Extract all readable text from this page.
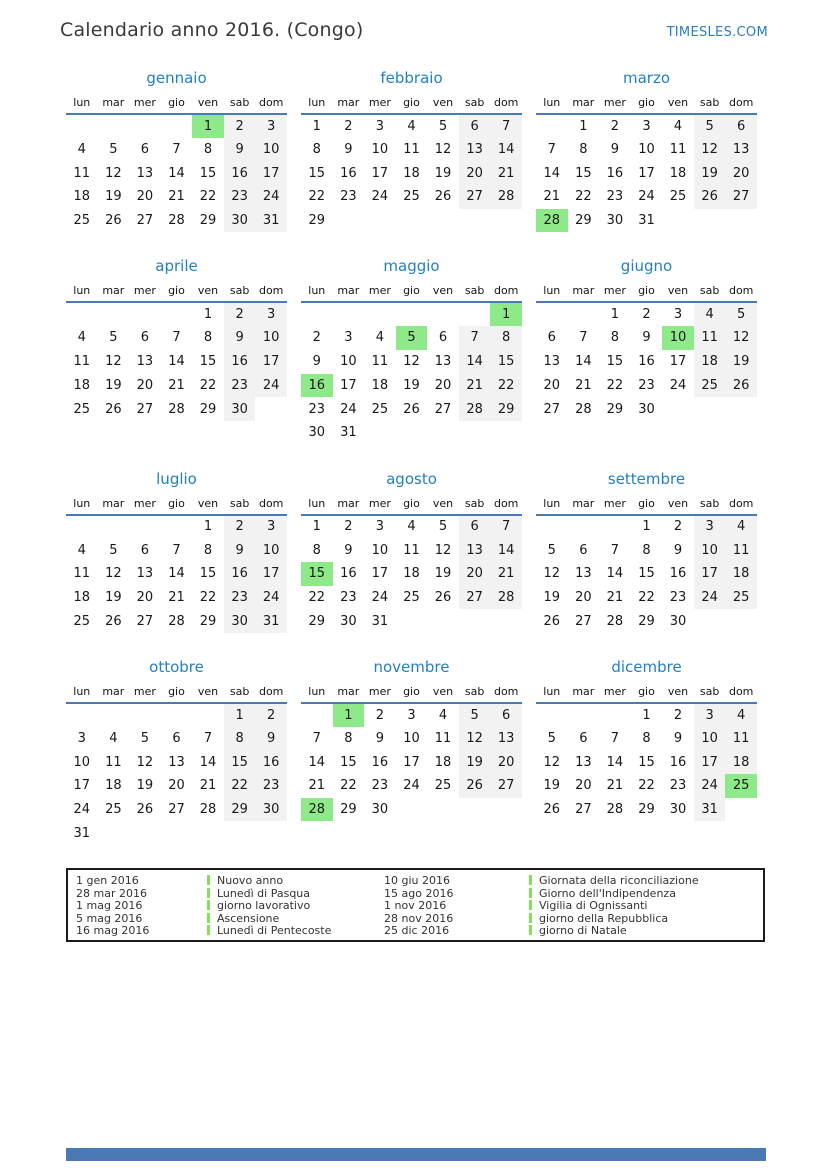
Calendario anno 2016. (Congo)	TIMESLES.COM
gennaio
lun	mar	mer	gio	ven	sab	dom
				1	2	3
4	5	6	7	8	9	10
11	12	13	14	15	16	17
18	19	20	21	22	23	24
25	26	27	28	29	30	31
febbraio
lun	mar	mer	gio	ven	sab	dom
1	2	3	4	5	6	7
8	9	10	11	12	13	14
15	16	17	18	19	20	21
22	23	24	25	26	27	28
29						
marzo
lun	mar	mer	gio	ven	sab	dom
	1	2	3	4	5	6
7	8	9	10	11	12	13
14	15	16	17	18	19	20
21	22	23	24	25	26	27
28	29	30	31			
aprile
lun	mar	mer	gio	ven	sab	dom
				1	2	3
4	5	6	7	8	9	10
11	12	13	14	15	16	17
18	19	20	21	22	23	24
25	26	27	28	29	30	
maggio
lun	mar	mer	gio	ven	sab	dom
						1
2	3	4	5	6	7	8
9	10	11	12	13	14	15
16	17	18	19	20	21	22
23	24	25	26	27	28	29
30	31					
giugno
lun	mar	mer	gio	ven	sab	dom
		1	2	3	4	5
6	7	8	9	10	11	12
13	14	15	16	17	18	19
20	21	22	23	24	25	26
27	28	29	30			
luglio
lun	mar	mer	gio	ven	sab	dom
				1	2	3
4	5	6	7	8	9	10
11	12	13	14	15	16	17
18	19	20	21	22	23	24
25	26	27	28	29	30	31
agosto
lun	mar	mer	gio	ven	sab	dom
1	2	3	4	5	6	7
8	9	10	11	12	13	14
15	16	17	18	19	20	21
22	23	24	25	26	27	28
29	30	31				
settembre
lun	mar	mer	gio	ven	sab	dom
			1	2	3	4
5	6	7	8	9	10	11
12	13	14	15	16	17	18
19	20	21	22	23	24	25
26	27	28	29	30		
ottobre
lun	mar	mer	gio	ven	sab	dom
					1	2
3	4	5	6	7	8	9
10	11	12	13	14	15	16
17	18	19	20	21	22	23
24	25	26	27	28	29	30
31						
novembre
lun	mar	mer	gio	ven	sab	dom
	1	2	3	4	5	6
7	8	9	10	11	12	13
14	15	16	17	18	19	20
21	22	23	24	25	26	27
28	29	30				
dicembre
lun	mar	mer	gio	ven	sab	dom
			1	2	3	4
5	6	7	8	9	10	11
12	13	14	15	16	17	18
19	20	21	22	23	24	25
26	27	28	29	30	31	
1 gen 2016	Nuovo anno	10 giu 2016	Giornata della riconciliazione
28 mar 2016	Lunedì di Pasqua	15 ago 2016	Giorno dell'Indipendenza
1 mag 2016	giorno lavorativo	1 nov 2016	Vigilia di Ognissanti
5 mag 2016	Ascensione	28 nov 2016	giorno della Repubblica
16 mag 2016	Lunedì di Pentecoste	25 dic 2016	giorno di Natale
